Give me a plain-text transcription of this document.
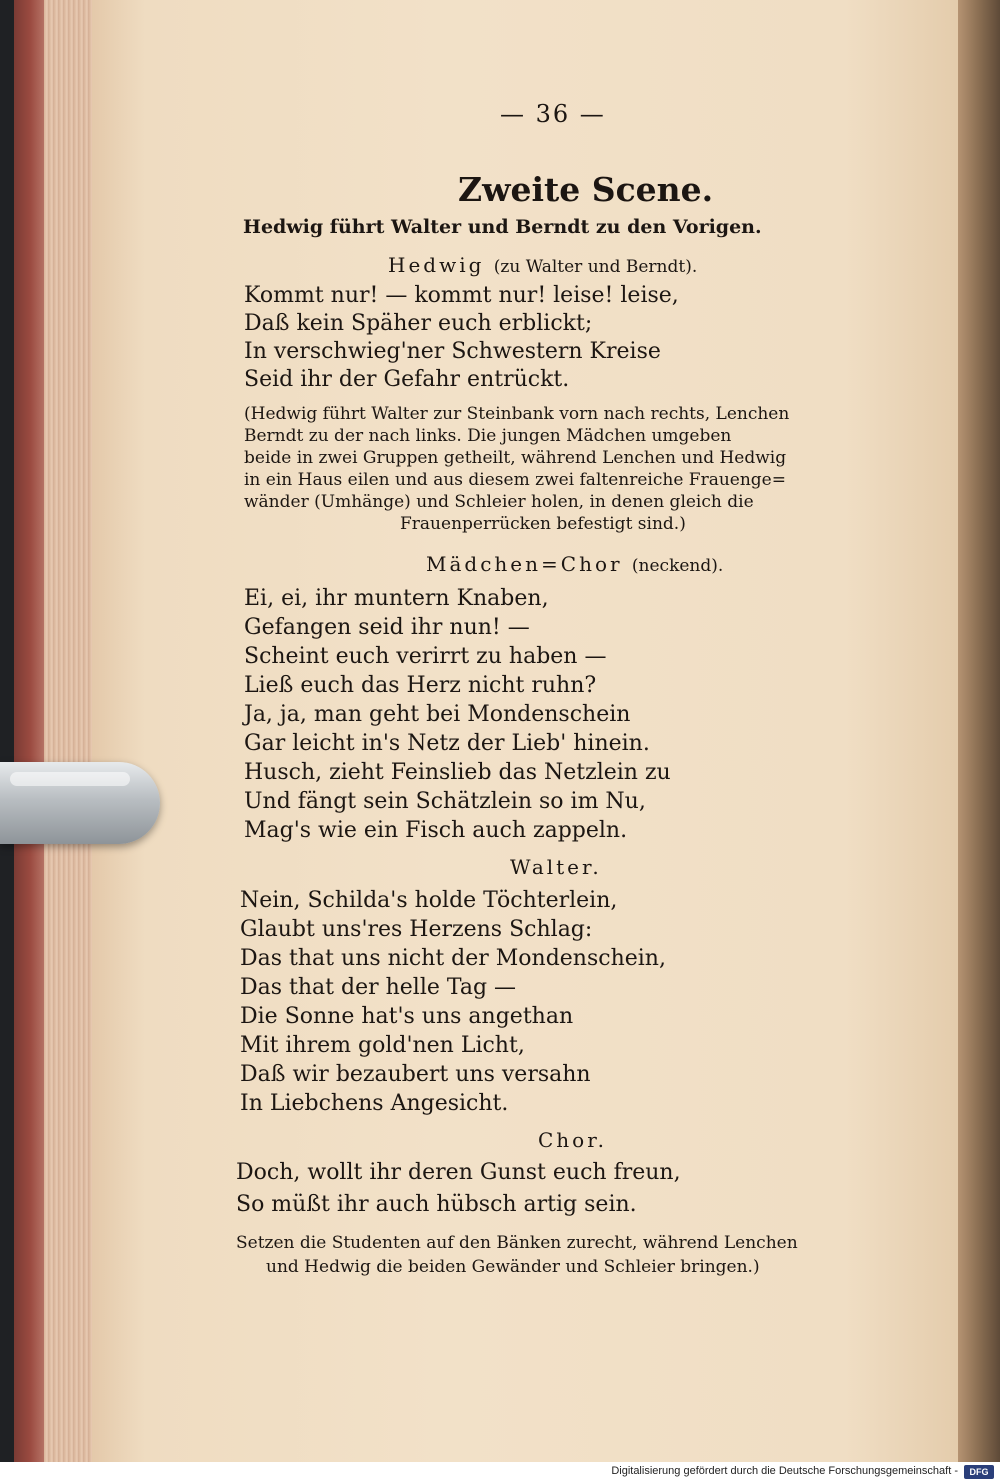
— 36 —
Zweite Scene.
Hedwig führt Walter und Berndt zu den Vorigen.
Hedwig (zu Walter und Berndt).
Kommt nur! — kommt nur! leise! leise,
Daß kein Späher euch erblickt;
In verschwieg'ner Schwestern Kreise
Seid ihr der Gefahr entrückt.
(Hedwig führt Walter zur Steinbank vorn nach rechts, Lenchen
Berndt zu der nach links. Die jungen Mädchen umgeben
beide in zwei Gruppen getheilt, während Lenchen und Hedwig
in ein Haus eilen und aus diesem zwei faltenreiche Frauenge=
wänder (Umhänge) und Schleier holen, in denen gleich die
Frauenperrücken befestigt sind.)
Mädchen=Chor (neckend).
Ei, ei, ihr muntern Knaben,
Gefangen seid ihr nun! —
Scheint euch verirrt zu haben —
Ließ euch das Herz nicht ruhn?
Ja, ja, man geht bei Mondenschein
Gar leicht in's Netz der Lieb' hinein.
Husch, zieht Feinslieb das Netzlein zu
Und fängt sein Schätzlein so im Nu,
Mag's wie ein Fisch auch zappeln.
Walter.
Nein, Schilda's holde Töchterlein,
Glaubt uns'res Herzens Schlag:
Das that uns nicht der Mondenschein,
Das that der helle Tag —
Die Sonne hat's uns angethan
Mit ihrem gold'nen Licht,
Daß wir bezaubert uns versahn
In Liebchens Angesicht.
Chor.
Doch, wollt ihr deren Gunst euch freun,
So müßt ihr auch hübsch artig sein.
Setzen die Studenten auf den Bänken zurecht, während Lenchen
und Hedwig die beiden Gewänder und Schleier bringen.)
Digitalisierung gefördert durch die Deutsche Forschungsgemeinschaft -	DFG
